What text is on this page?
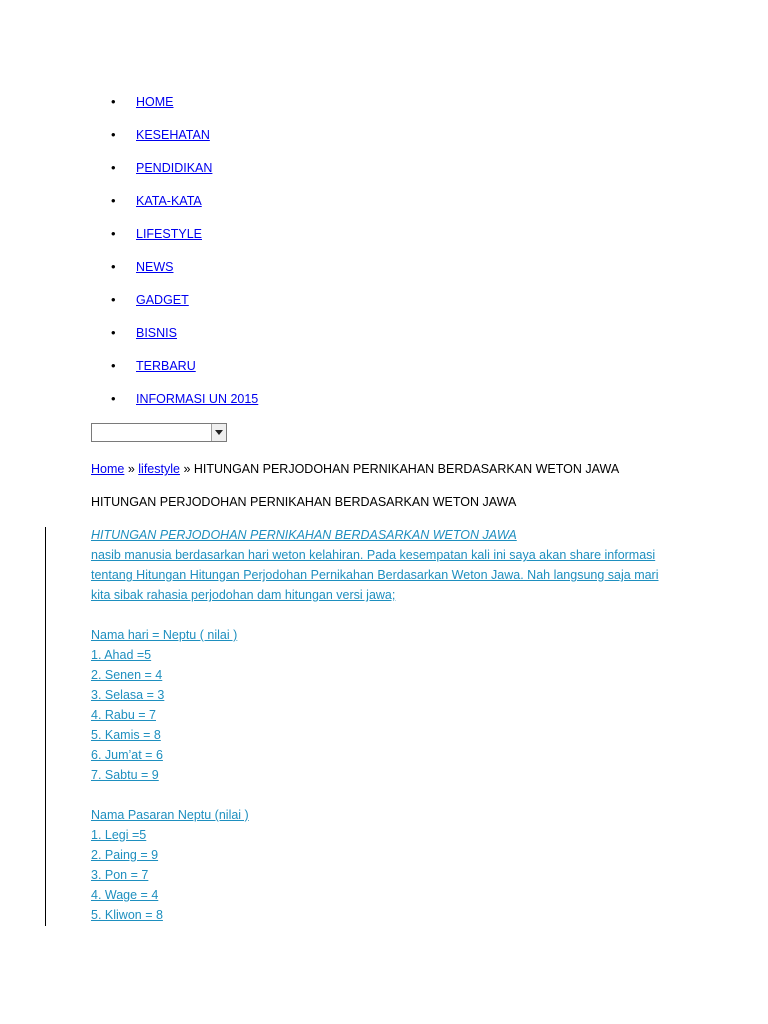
• HOME
• KESEHATAN
• PENDIDIKAN
• KATA-KATA
• LIFESTYLE
• NEWS
• GADGET
• BISNIS
• TERBARU
• INFORMASI UN 2015
Home » lifestyle » HITUNGAN PERJODOHAN PERNIKAHAN BERDASARKAN WETON JAWA
HITUNGAN PERJODOHAN PERNIKAHAN BERDASARKAN WETON JAWA
HITUNGAN PERJODOHAN PERNIKAHAN BERDASARKAN WETON JAWA
nasib manusia berdasarkan hari weton kelahiran. Pada kesempatan kali ini saya akan share informasi
tentang Hitungan Hitungan Perjodohan Pernikahan Berdasarkan Weton Jawa. Nah langsung saja mari
kita sibak rahasia perjodohan dam hitungan versi jawa;
Nama hari = Neptu ( nilai )
1. Ahad =5
2. Senen = 4
3. Selasa = 3
4. Rabu = 7
5. Kamis = 8
6. Jum’at = 6
7. Sabtu = 9
Nama Pasaran Neptu (nilai )
1. Legi =5
2. Paing = 9
3. Pon = 7
4. Wage = 4
5. Kliwon = 8
